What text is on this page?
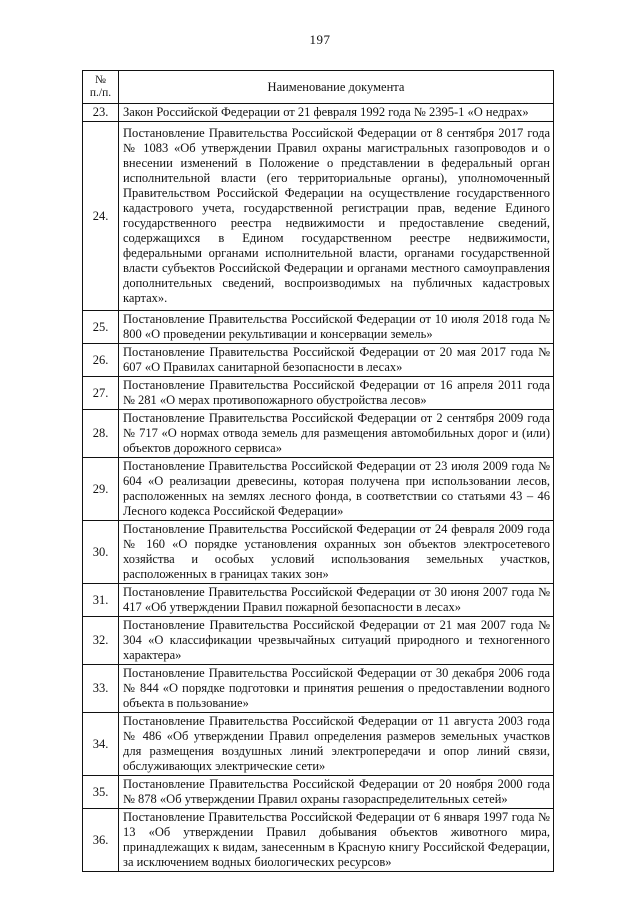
197
№
п./п.	Наименование документа
23.	Закон Российской Федерации от 21 февраля 1992 года № 2395-1 «О недрах»
24.	Постановление Правительства Российской Федерации от 8 сентября 2017 года № 1083 «Об утверждении Правил охраны магистральных газопроводов и о внесении изменений в Положение о представлении в федеральный орган исполнительной власти (его территориальные органы), уполномоченный Правительством Российской Федерации на осуществление государственного кадастрового учета, государственной регистрации прав, ведение Единого государственного реестра недвижимости и предоставление сведений, содержащихся в Едином государственном реестре недвижимости, федеральными органами исполнительной власти, органами государственной власти субъектов Российской Федерации и органами местного самоуправления дополнительных сведений, воспроизводимых на публичных кадастровых картах».
25.	Постановление Правительства Российской Федерации от 10 июля 2018 года № 800 «О проведении рекультивации и консервации земель»
26.	Постановление Правительства Российской Федерации от 20 мая 2017 года № 607 «О Правилах санитарной безопасности в лесах»
27.	Постановление Правительства Российской Федерации от 16 апреля 2011 года № 281 «О мерах противопожарного обустройства лесов»
28.	Постановление Правительства Российской Федерации от 2 сентября 2009 года № 717 «О нормах отвода земель для размещения автомобильных дорог и (или) объектов дорожного сервиса»
29.	Постановление Правительства Российской Федерации от 23 июля 2009 года № 604 «О реализации древесины, которая получена при использовании лесов, расположенных на землях лесного фонда, в соответствии со статьями 43 – 46 Лесного кодекса Российской Федерации»
30.	Постановление Правительства Российской Федерации от 24 февраля 2009 года № 160 «О порядке установления охранных зон объектов электросетевого хозяйства и особых условий использования земельных участков, расположенных в границах таких зон»
31.	Постановление Правительства Российской Федерации от 30 июня 2007 года № 417 «Об утверждении Правил пожарной безопасности в лесах»
32.	Постановление Правительства Российской Федерации от 21 мая 2007 года № 304 «О классификации чрезвычайных ситуаций природного и техногенного характера»
33.	Постановление Правительства Российской Федерации от 30 декабря 2006 года № 844 «О порядке подготовки и принятия решения о предоставлении водного объекта в пользование»
34.	Постановление Правительства Российской Федерации от 11 августа 2003 года № 486 «Об утверждении Правил определения размеров земельных участков для размещения воздушных линий электропередачи и опор линий связи, обслуживающих электрические сети»
35.	Постановление Правительства Российской Федерации от 20 ноября 2000 года № 878 «Об утверждении Правил охраны газораспределительных сетей»
36.	Постановление Правительства Российской Федерации от 6 января 1997 года № 13 «Об утверждении Правил добывания объектов животного мира, принадлежащих к видам, занесенным в Красную книгу Российской Федерации, за исключением водных биологических ресурсов»
